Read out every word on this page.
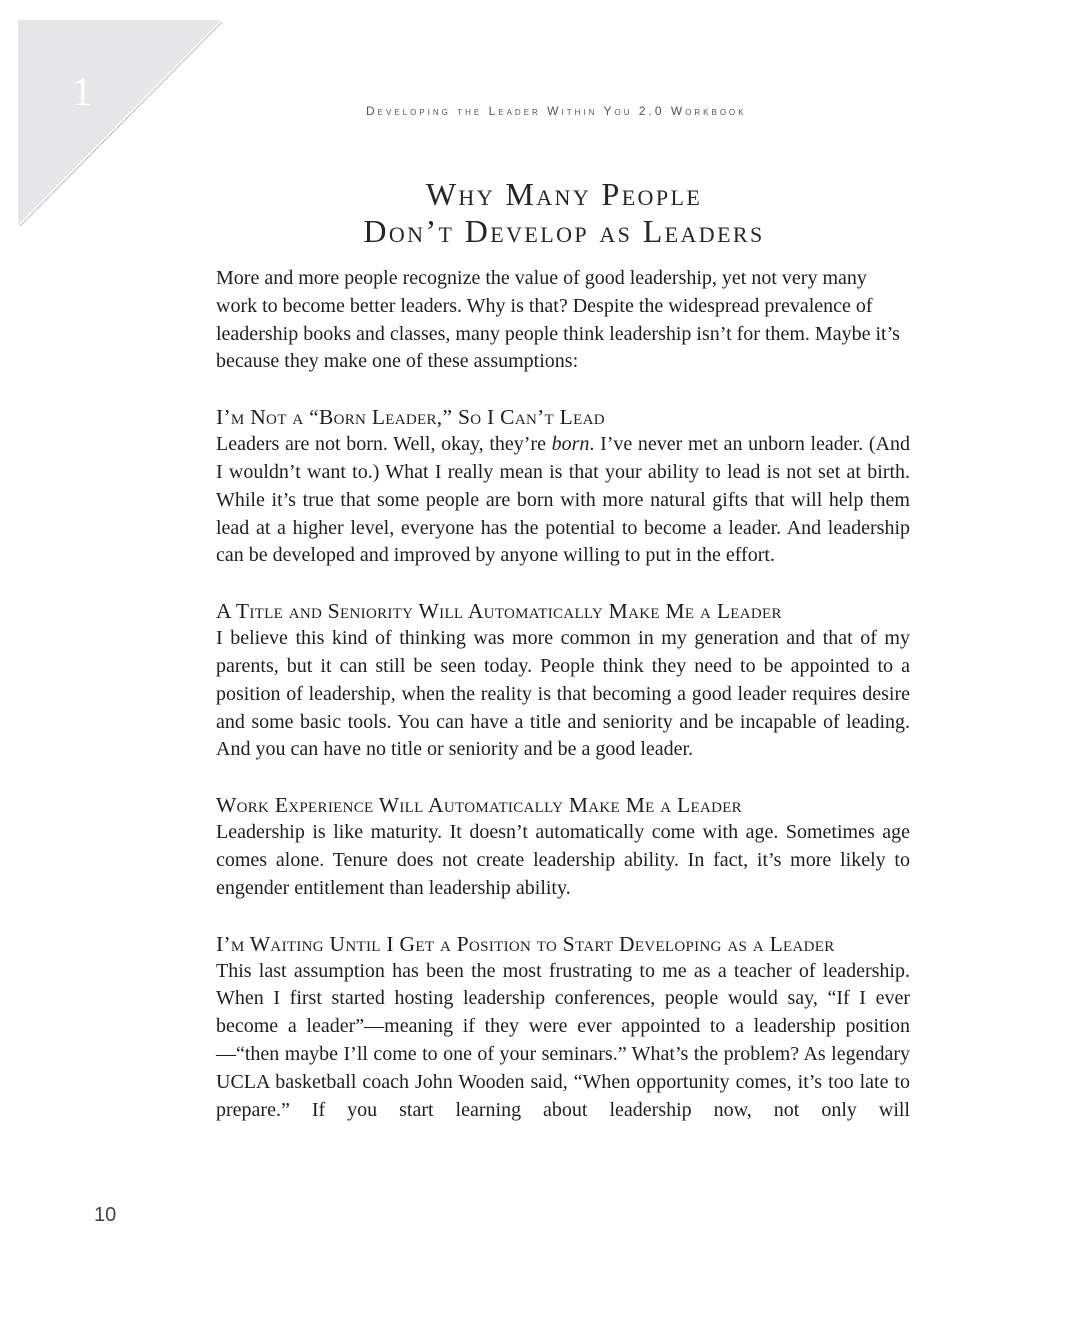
1	Developing the Leader Within You 2.0 Workbook
Why Many People
Don’t Develop as Leaders

More and more people recognize the value of good leadership, yet not very many work to become better leaders. Why is that? Despite the widespread prevalence of leadership books and classes, many people think leadership isn’t for them. Maybe it’s because they make one of these assumptions:

I’m Not a “Born Leader,” So I Can’t Lead

Leaders are not born. Well, okay, they’re born. I’ve never met an unborn leader. (And I wouldn’t want to.) What I really mean is that your ability to lead is not set at birth. While it’s true that some people are born with more natural gifts that will help them lead at a higher level, everyone has the potential to become a leader. And leadership can be developed and improved by anyone willing to put in the effort.

A Title and Seniority Will Automatically Make Me a Leader

I believe this kind of thinking was more common in my generation and that of my parents, but it can still be seen today. People think they need to be appointed to a position of leadership, when the reality is that becoming a good leader requires desire and some basic tools. You can have a title and seniority and be incapable of leading. And you can have no title or seniority and be a good leader.

Work Experience Will Automatically Make Me a Leader

Leadership is like maturity. It doesn’t automatically come with age. Sometimes age comes alone. Tenure does not create leadership ability. In fact, it’s more likely to engender entitlement than leadership ability.

I’m Waiting Until I Get a Position to Start Developing as a Leader

This last assumption has been the most frustrating to me as a teacher of leadership. When I first started hosting leadership conferences, people would say, “If I ever become a leader”—meaning if they were ever appointed to a leadership position—“then maybe I’ll come to one of your seminars.” What’s the problem? As legendary UCLA basketball coach John Wooden said, “When opportunity comes, it’s too late to prepare.” If you start learning about leadership now, not only will

10
